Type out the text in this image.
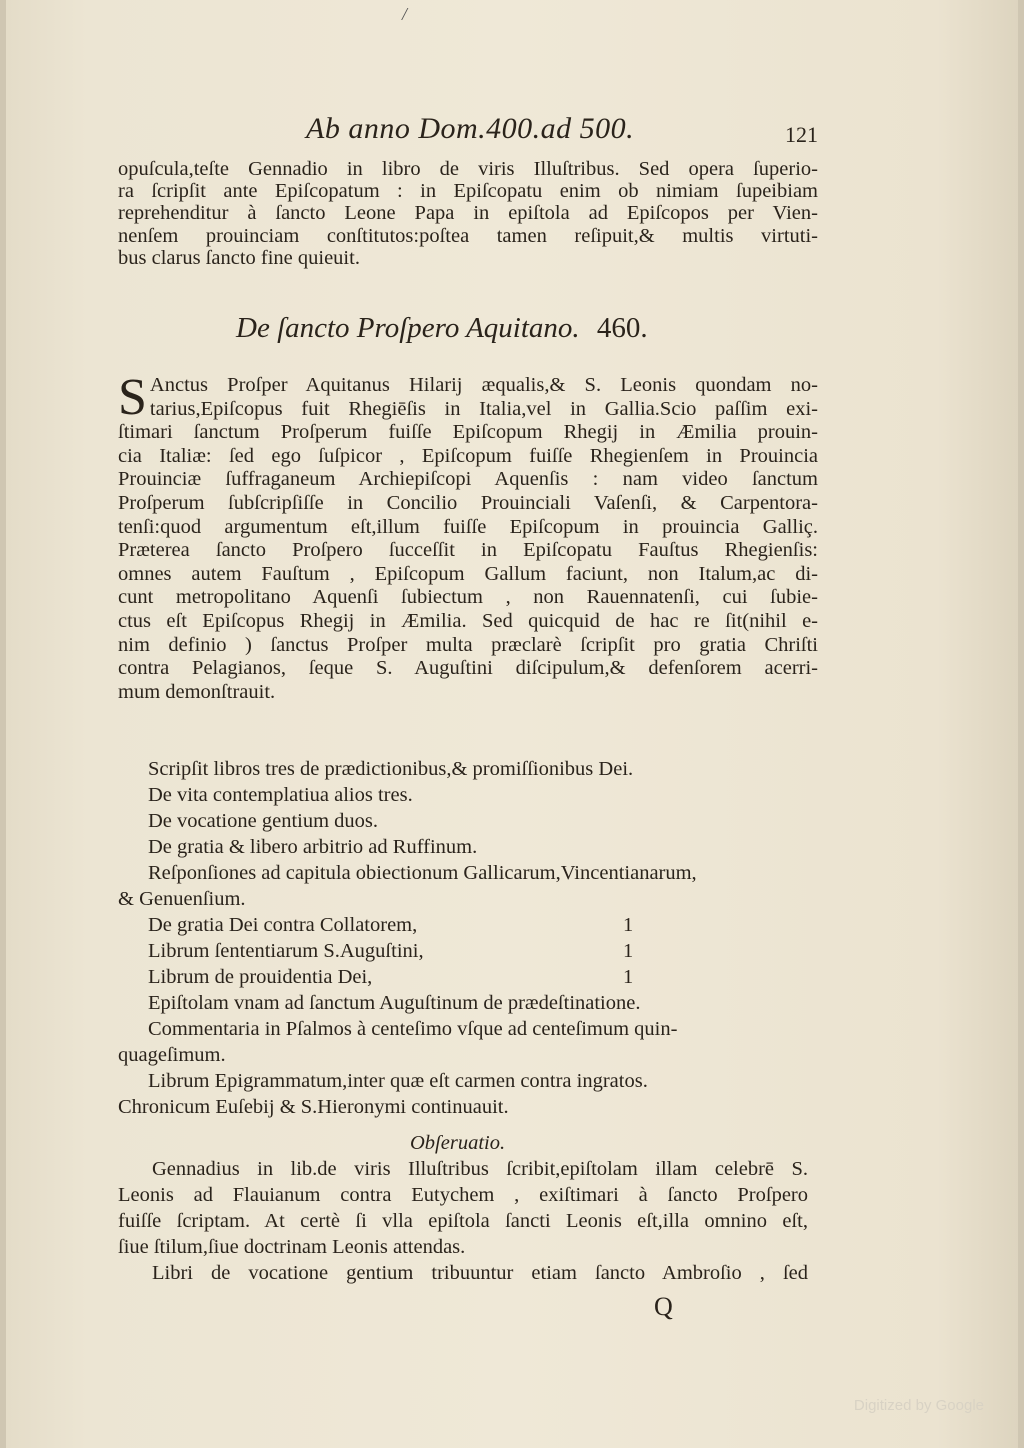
/
Ab anno Dom.400.ad 500.	121
opuſcula,teſte Gennadio in libro de viris Illuſtribus. Sed opera ſuperio-
ra ſcripſit ante Epiſcopatum : in Epiſcopatu enim ob nimiam ſupeibiam
reprehenditur à ſancto Leone Papa in epiſtola ad Epiſcopos per Vien-
nenſem prouinciam conſtitutos:poſtea tamen reſipuit,& multis virtuti-
bus clarus ſancto fine quieuit.
De ſancto Proſpero Aquitano. 460.
S Anctus Proſper Aquitanus Hilarij æqualis,& S. Leonis quondam no-
tarius,Epiſcopus fuit Rhegiēſis in Italia,vel in Gallia.Scio paſſim exi-
ſtimari ſanctum Proſperum fuiſſe Epiſcopum Rhegij in Æmilia prouin-
cia Italiæ: ſed ego ſuſpicor , Epiſcopum fuiſſe Rhegienſem in Prouincia
Prouinciæ ſuffraganeum Archiepiſcopi Aquenſis : nam video ſanctum
Proſperum ſubſcripſiſſe in Concilio Prouinciali Vaſenſi, & Carpentora-
tenſi:quod argumentum eſt,illum fuiſſe Epiſcopum in prouincia Galliç.
Præterea ſancto Proſpero ſucceſſit in Epiſcopatu Fauſtus Rhegienſis:
omnes autem Fauſtum , Epiſcopum Gallum faciunt, non Italum,ac di-
cunt metropolitano Aquenſi ſubiectum , non Rauennatenſi, cui ſubie-
ctus eſt Epiſcopus Rhegij in Æmilia. Sed quicquid de hac re ſit(nihil e-
nim definio ) ſanctus Proſper multa præclarè ſcripſit pro gratia Chriſti
contra Pelagianos, ſeque S. Auguſtini diſcipulum,& defenſorem acerri-
mum demonſtrauit.
Scripſit libros tres de prædictionibus,& promiſſionibus Dei.
De vita contemplatiua alios tres.
De vocatione gentium duos.
De gratia & libero arbitrio ad Ruffinum.
Reſponſiones ad capitula obiectionum Gallicarum,Vincentianarum,
& Genuenſium.
De gratia Dei contra Collatorem,	1
Librum ſententiarum S.Auguſtini,	1
Librum de prouidentia Dei,	1
Epiſtolam vnam ad ſanctum Auguſtinum de prædeſtinatione.
Commentaria in Pſalmos à centeſimo vſque ad centeſimum quin-
quageſimum.
Librum Epigrammatum,inter quæ eſt carmen contra ingratos.
Chronicum Euſebij & S.Hieronymi continuauit.
Obſeruatio.
Gennadius in lib.de viris Illuſtribus ſcribit,epiſtolam illam celebrē S.
Leonis ad Flauianum contra Eutychem , exiſtimari à ſancto Proſpero
fuiſſe ſcriptam. At certè ſi vlla epiſtola ſancti Leonis eſt,illa omnino eſt,
ſiue ſtilum,ſiue doctrinam Leonis attendas.
Libri de vocatione gentium tribuuntur etiam ſancto Ambroſio , ſed
Q
Digitized by Google
